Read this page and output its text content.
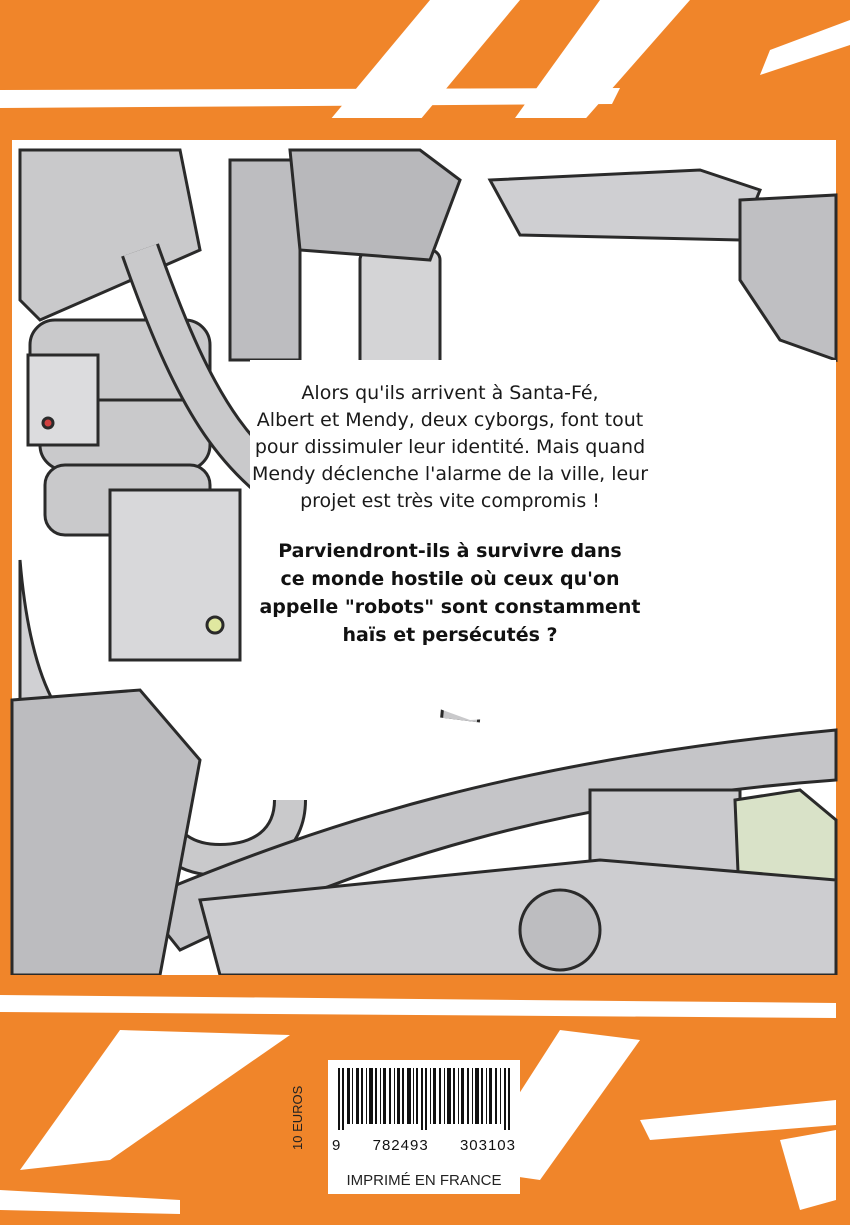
Alors qu'ils arrivent à Santa-Fé,
Albert et Mendy, deux cyborgs, font tout
pour dissimuler leur identité. Mais quand
Mendy déclenche l'alarme de la ville, leur
projet est très vite compromis !
Parviendront-ils à survivre dans
ce monde hostile où ceux qu'on
appelle "robots" sont constamment
haïs et persécutés ?
10 EUROS 9 782493 303103
IMPRIMÉ EN FRANCE
